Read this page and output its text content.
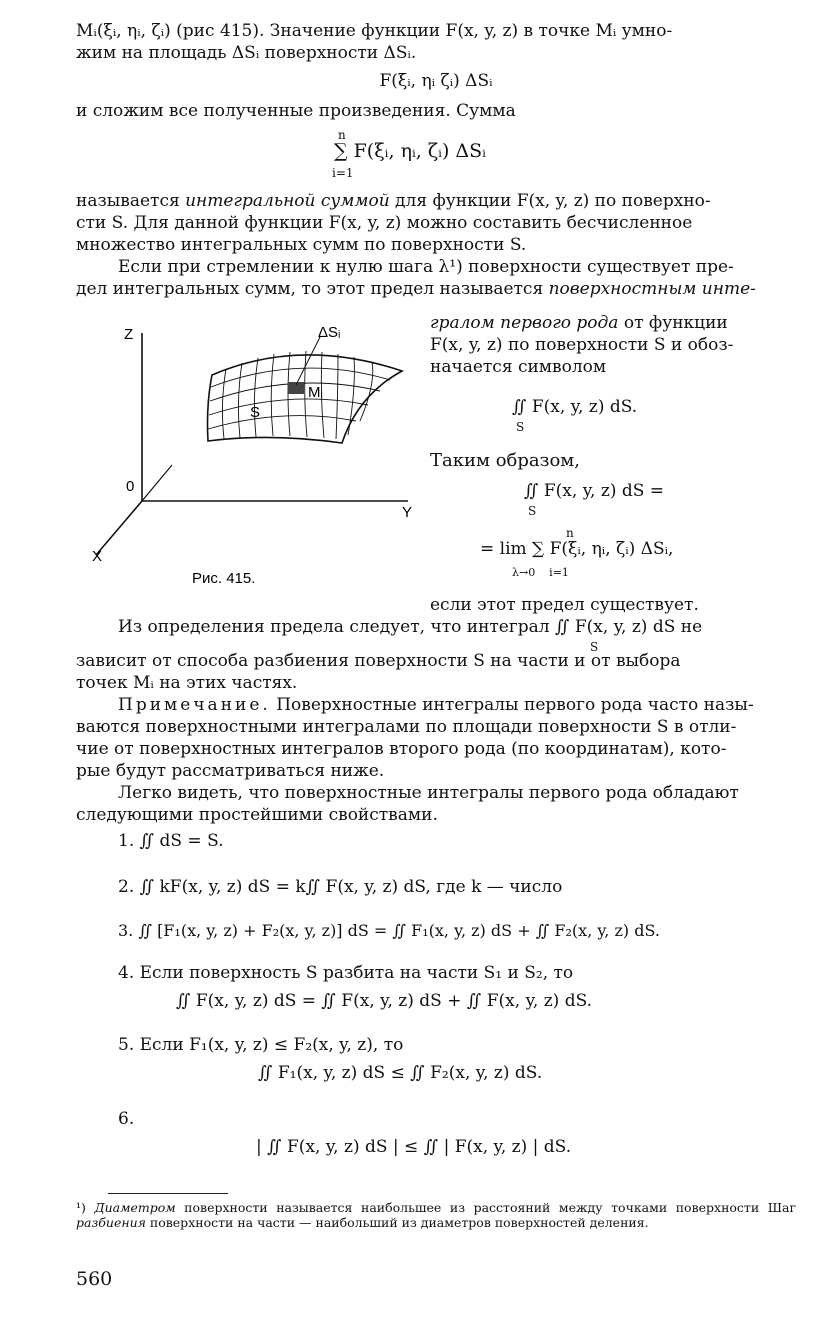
Mᵢ(ξᵢ, ηᵢ, ζᵢ) (рис 415). Значение функции F(x, y, z) в точке Mᵢ умно-

жим на площадь ΔSᵢ поверхности ΔSᵢ.

F(ξᵢ, ηᵢ ζᵢ) ΔSᵢ

и сложим все полученные произведения. Сумма

n
∑ F(ξᵢ, ηᵢ, ζᵢ) ΔSᵢ
i=1

называется интегральной суммой для функции F(x, y, z) по поверхно-

сти S. Для данной функции F(x, y, z) можно составить бесчисленное

множество интегральных сумм по поверхности S.

Если при стремлении к нулю шага λ¹) поверхности существует пре-

дел интегральных сумм, то этот предел называется поверхностным инте-

гралом первого рода от функции

F(x, y, z) по поверхности S и обоз-

начается символом

∬ F(x, y, z) dS.
S

Таким образом,

∬ F(x, y, z) dS =
S
n
= lim ∑ F(ξᵢ, ηᵢ, ζᵢ) ΔSᵢ,
λ→0    i=1

если этот предел существует.

Z
Y
X
0
ΔSᵢ
Mᵢ
S
Рис. 415.

Из определения предела следует, что интеграл ∬ F(x, y, z) dS не

S

зависит от способа разбиения поверхности S на части и от выбора

точек Mᵢ на этих частях.

Примечание. Поверхностные интегралы первого рода часто назы-

ваются поверхностными интегралами по площади поверхности S в отли-

чие от поверхностных интегралов второго рода (по координатам), кото-

рые будут рассматриваться ниже.

Легко видеть, что поверхностные интегралы первого рода обладают

следующими простейшими свойствами.

1. ∬ dS = S.
2. ∬ kF(x, y, z) dS = k∬ F(x, y, z) dS, где k — число
3. ∬ [F₁(x, y, z) + F₂(x, y, z)] dS = ∬ F₁(x, y, z) dS + ∬ F₂(x, y, z) dS.
4. Если поверхность S разбита на части S₁ и S₂, то
∬ F(x, y, z) dS = ∬ F(x, y, z) dS + ∬ F(x, y, z) dS.
5. Если F₁(x, y, z) ≤ F₂(x, y, z), то
∬ F₁(x, y, z) dS ≤ ∬ F₂(x, y, z) dS.
6.
| ∬ F(x, y, z) dS | ≤ ∬ | F(x, y, z) | dS.
¹) Диаметром поверхности называется наибольшее из расстояний между точками поверхности Шаг разбиения поверхности на части — наибольший из диаметров поверхностей деления.
560
